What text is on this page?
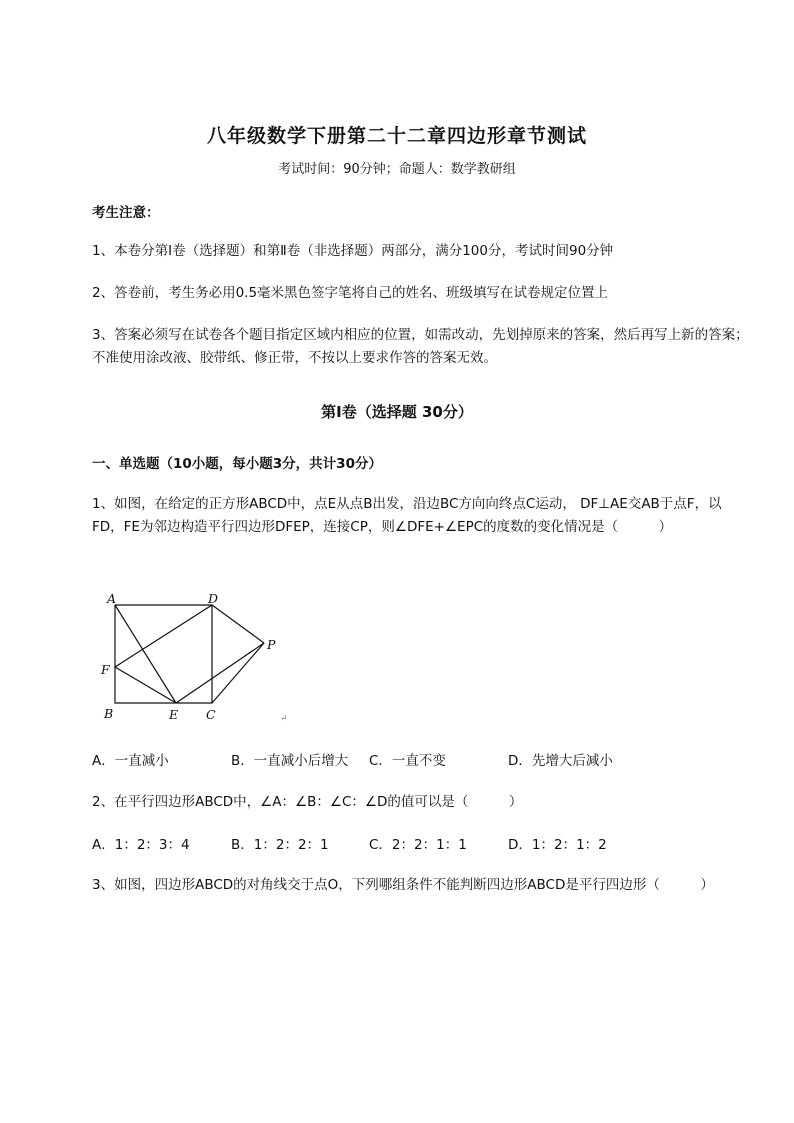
八年级数学下册第二十二章四边形章节测试
考试时间：90分钟；命题人：数学教研组
考生注意：
1、本卷分第I卷（选择题）和第Ⅱ卷（非选择题）两部分，满分100分，考试时间90分钟
2、答卷前，考生务必用0.5毫米黑色签字笔将自己的姓名、班级填写在试卷规定位置上
3、答案必须写在试卷各个题目指定区域内相应的位置，如需改动，先划掉原来的答案，然后再写上新的答案；不准使用涂改液、胶带纸、修正带，不按以上要求作答的答案无效。
第I卷（选择题 30分）
一、单选题（10小题，每小题3分，共计30分）
1、如图，在给定的正方形ABCD中，点E从点B出发，沿边BC方向向终点C运动， DF⊥AE交AB于点F，以FD，FE为邻边构造平行四边形DFEP，连接CP，则∠DFE+∠EPC的度数的变化情况是（　　　）
A	D
P
F
B	E C	↵
A．一直减小	B．一直减小后增大 C．一直不变	D．先增大后减小
2、在平行四边形ABCD中，∠A：∠B：∠C：∠D的值可以是（　　　）
A．1：2：3：4	B．1：2：2：1	C．2：2：1：1	D．1：2：1：2
3、如图，四边形ABCD的对角线交于点O，下列哪组条件不能判断四边形ABCD是平行四边形（　　　）
